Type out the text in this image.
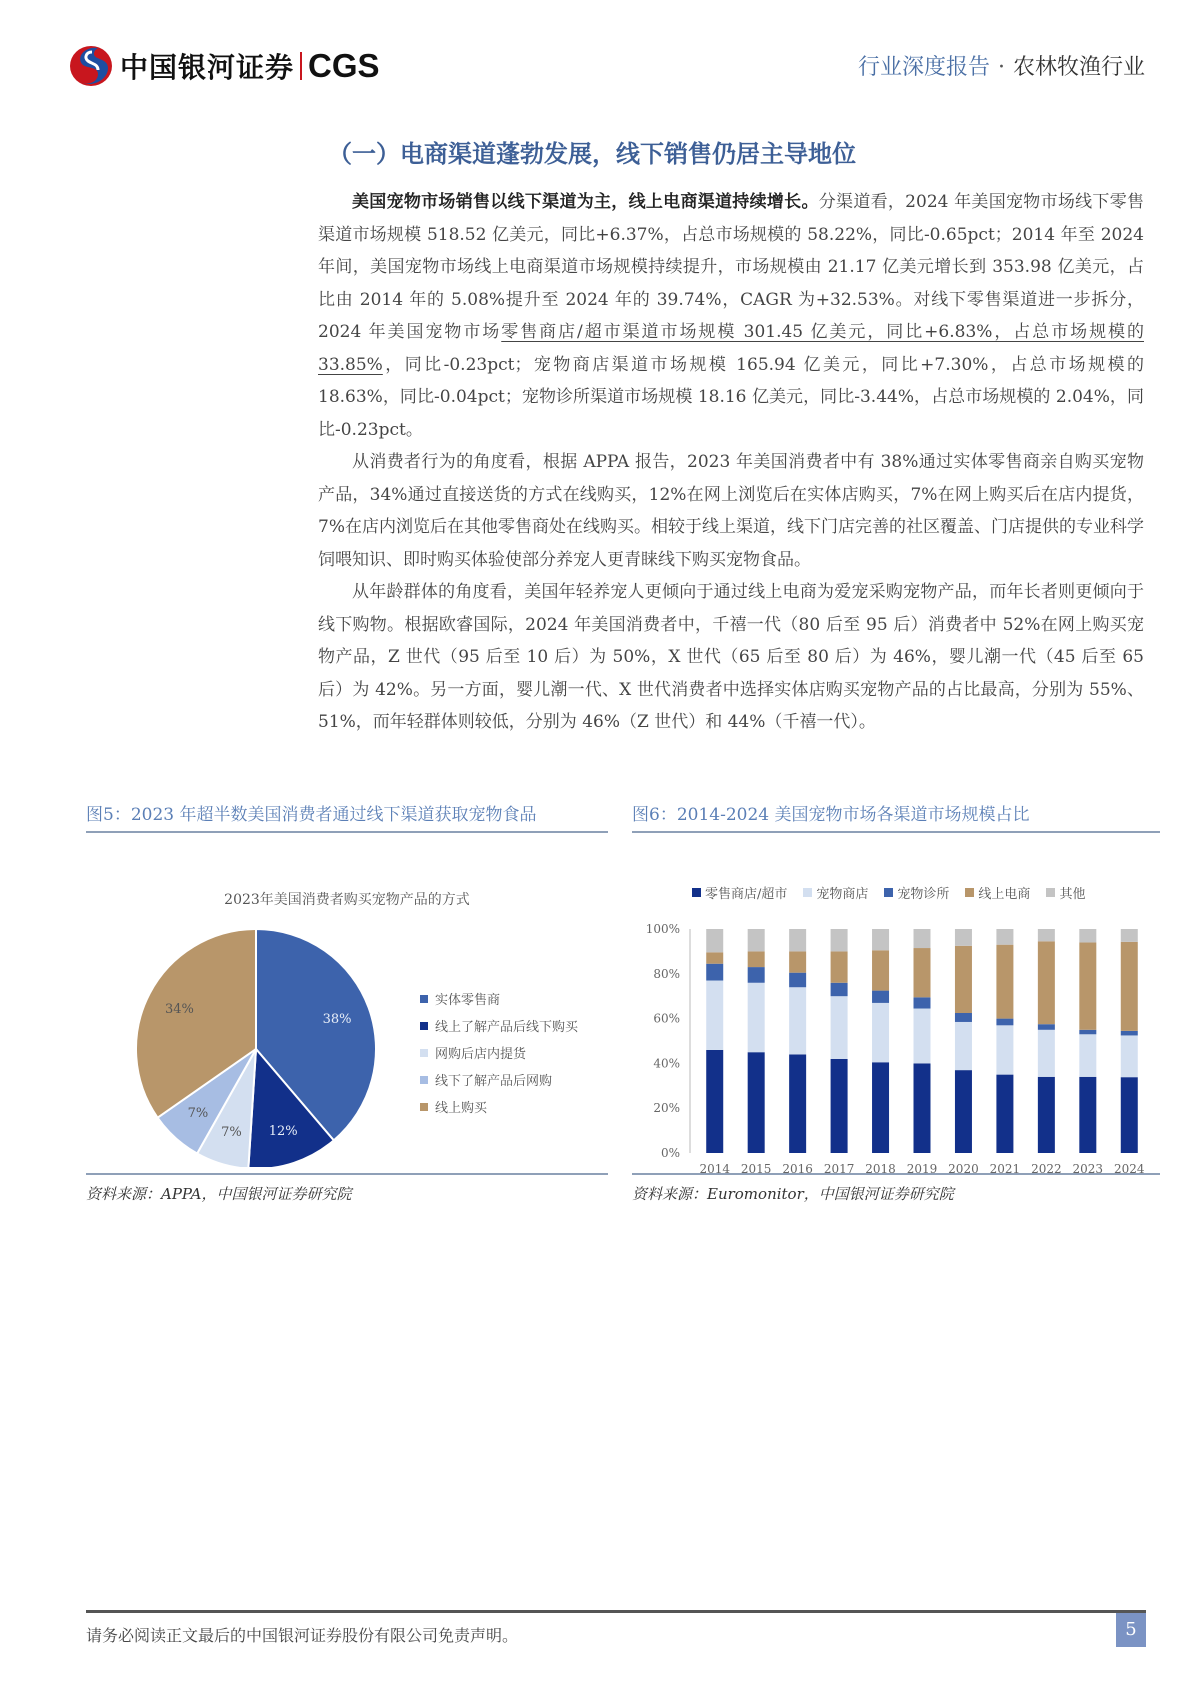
中国银河证券 CGS	行业深度报告 · 农林牧渔行业
（一）电商渠道蓬勃发展，线下销售仍居主导地位

美国宠物市场销售以线下渠道为主，线上电商渠道持续增长。分渠道看，2024 年美国宠物市场线下零售渠道市场规模 518.52 亿美元，同比+6.37%，占总市场规模的 58.22%，同比-0.65pct；2014 年至 2024 年间，美国宠物市场线上电商渠道市场规模持续提升，市场规模由 21.17 亿美元增长到 353.98 亿美元，占比由 2014 年的 5.08%提升至 2024 年的 39.74%，CAGR 为+32.53%。对线下零售渠道进一步拆分，2024 年美国宠物市场零售商店/超市渠道市场规模 301.45 亿美元，同比+6.83%，占总市场规模的 33.85%，同比-0.23pct；宠物商店渠道市场规模 165.94 亿美元，同比+7.30%，占总市场规模的 18.63%，同比-0.04pct；宠物诊所渠道市场规模 18.16 亿美元，同比-3.44%，占总市场规模的 2.04%，同比-0.23pct。

从消费者行为的角度看，根据 APPA 报告，2023 年美国消费者中有 38%通过实体零售商亲自购买宠物产品，34%通过直接送货的方式在线购买，12%在网上浏览后在实体店购买，7%在网上购买后在店内提货，7%在店内浏览后在其他零售商处在线购买。相较于线上渠道，线下门店完善的社区覆盖、门店提供的专业科学饲喂知识、即时购买体验使部分养宠人更青睐线下购买宠物食品。

从年龄群体的角度看，美国年轻养宠人更倾向于通过线上电商为爱宠采购宠物产品，而年长者则更倾向于线下购物。根据欧睿国际，2024 年美国消费者中，千禧一代（80 后至 95 后）消费者中 52%在网上购买宠物产品，Z 世代（95 后至 10 后）为 50%，X 世代（65 后至 80 后）为 46%，婴儿潮一代（45 后至 65 后）为 42%。另一方面，婴儿潮一代、X 世代消费者中选择实体店购买宠物产品的占比最高，分别为 55%、51%，而年轻群体则较低，分别为 46%（Z 世代）和 44%（千禧一代）。

图5：2023 年超半数美国消费者通过线下渠道获取宠物食品
2023年美国消费者购买宠物产品的方式
38%
12%
7%
7%
34%
实体零售商
线上了解产品后线下购买
网购后店内提货
线下了解产品后网购
线上购买
资料来源：APPA，中国银河证券研究院
图6：2014-2024 美国宠物市场各渠道市场规模占比
零售商店/超市 宠物商店 宠物诊所 线上电商 其他
0%
20%
40%
60%
80%
100%
2014 2015 2016 2017 2018 2019 2020 2021 2022 2023 2024
资料来源：Euromonitor，中国银河证券研究院
请务必阅读正文最后的中国银河证券股份有限公司免责声明。	5
